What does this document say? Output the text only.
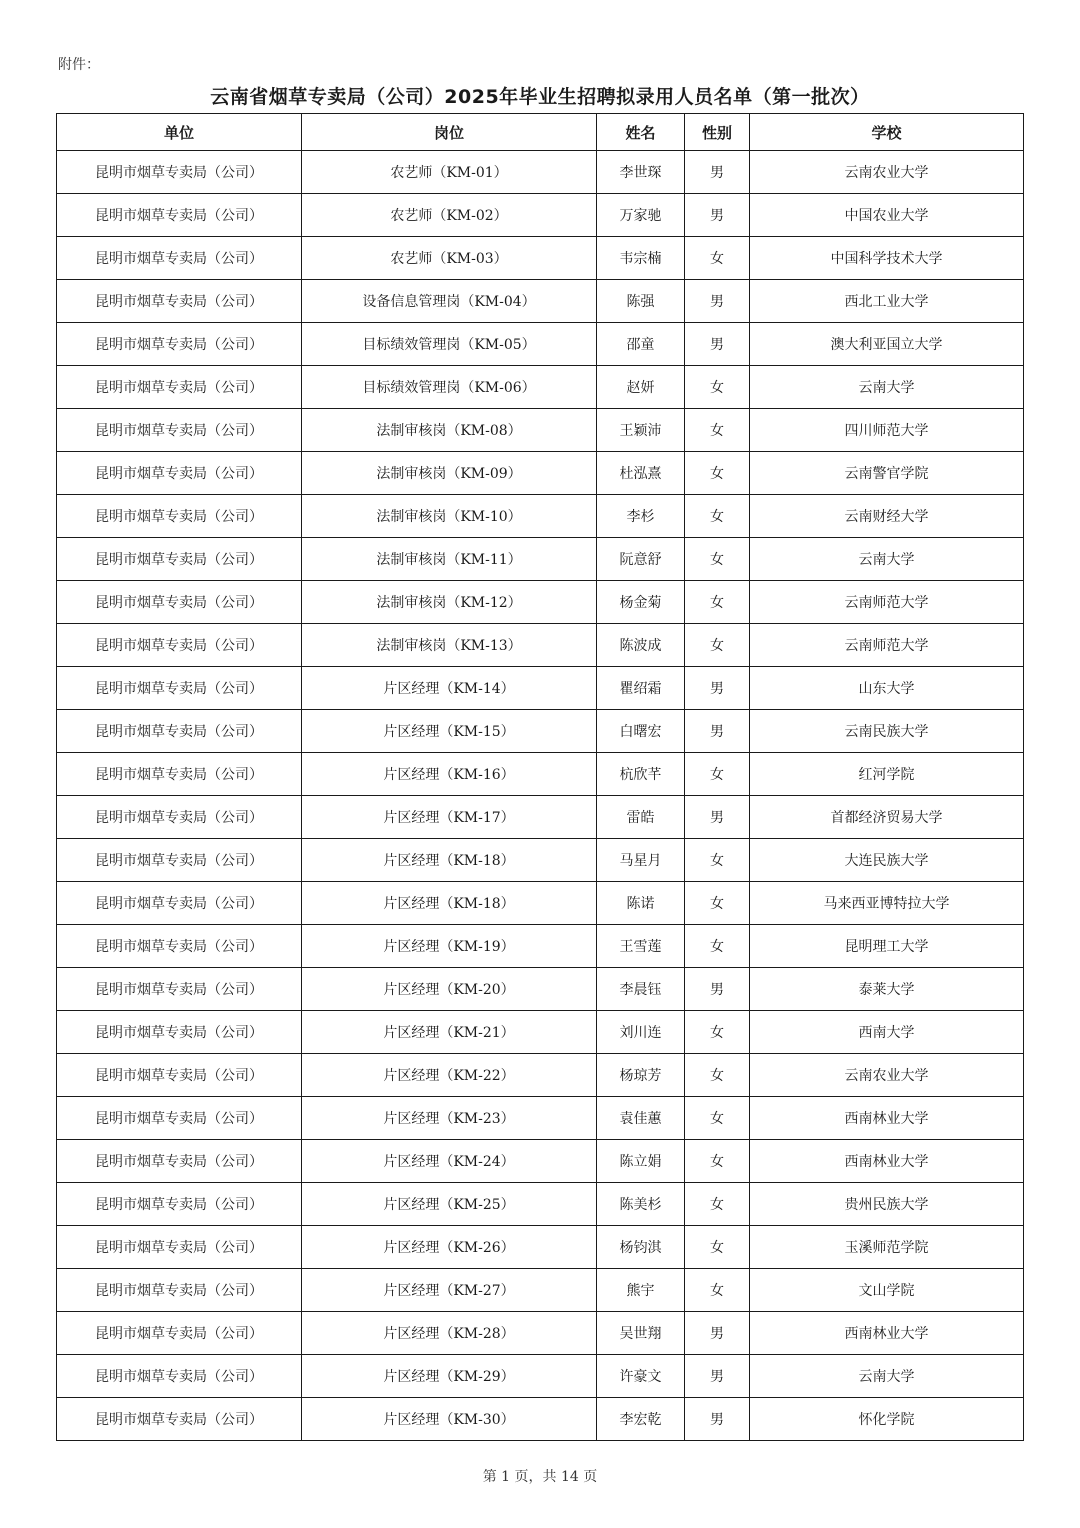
附件：
云南省烟草专卖局（公司）2025年毕业生招聘拟录用人员名单（第一批次）
单位	岗位	姓名	性别	学校
昆明市烟草专卖局（公司）	农艺师（KM-01）	李世琛	男	云南农业大学
昆明市烟草专卖局（公司）	农艺师（KM-02）	万家驰	男	中国农业大学
昆明市烟草专卖局（公司）	农艺师（KM-03）	韦宗楠	女	中国科学技术大学
昆明市烟草专卖局（公司）	设备信息管理岗（KM-04）	陈强	男	西北工业大学
昆明市烟草专卖局（公司）	目标绩效管理岗（KM-05）	邵童	男	澳大利亚国立大学
昆明市烟草专卖局（公司）	目标绩效管理岗（KM-06）	赵妍	女	云南大学
昆明市烟草专卖局（公司）	法制审核岗（KM-08）	王颖沛	女	四川师范大学
昆明市烟草专卖局（公司）	法制审核岗（KM-09）	杜泓熹	女	云南警官学院
昆明市烟草专卖局（公司）	法制审核岗（KM-10）	李杉	女	云南财经大学
昆明市烟草专卖局（公司）	法制审核岗（KM-11）	阮意舒	女	云南大学
昆明市烟草专卖局（公司）	法制审核岗（KM-12）	杨金菊	女	云南师范大学
昆明市烟草专卖局（公司）	法制审核岗（KM-13）	陈波成	女	云南师范大学
昆明市烟草专卖局（公司）	片区经理（KM-14）	瞿绍霜	男	山东大学
昆明市烟草专卖局（公司）	片区经理（KM-15）	白曙宏	男	云南民族大学
昆明市烟草专卖局（公司）	片区经理（KM-16）	杭欣芊	女	红河学院
昆明市烟草专卖局（公司）	片区经理（KM-17）	雷皓	男	首都经济贸易大学
昆明市烟草专卖局（公司）	片区经理（KM-18）	马星月	女	大连民族大学
昆明市烟草专卖局（公司）	片区经理（KM-18）	陈诺	女	马来西亚博特拉大学
昆明市烟草专卖局（公司）	片区经理（KM-19）	王雪莲	女	昆明理工大学
昆明市烟草专卖局（公司）	片区经理（KM-20）	李晨钰	男	泰莱大学
昆明市烟草专卖局（公司）	片区经理（KM-21）	刘川连	女	西南大学
昆明市烟草专卖局（公司）	片区经理（KM-22）	杨琼芳	女	云南农业大学
昆明市烟草专卖局（公司）	片区经理（KM-23）	袁佳蕙	女	西南林业大学
昆明市烟草专卖局（公司）	片区经理（KM-24）	陈立娟	女	西南林业大学
昆明市烟草专卖局（公司）	片区经理（KM-25）	陈美杉	女	贵州民族大学
昆明市烟草专卖局（公司）	片区经理（KM-26）	杨钧淇	女	玉溪师范学院
昆明市烟草专卖局（公司）	片区经理（KM-27）	熊宇	女	文山学院
昆明市烟草专卖局（公司）	片区经理（KM-28）	吴世翔	男	西南林业大学
昆明市烟草专卖局（公司）	片区经理（KM-29）	许豪文	男	云南大学
昆明市烟草专卖局（公司）	片区经理（KM-30）	李宏乾	男	怀化学院
第 1 页，共 14 页
